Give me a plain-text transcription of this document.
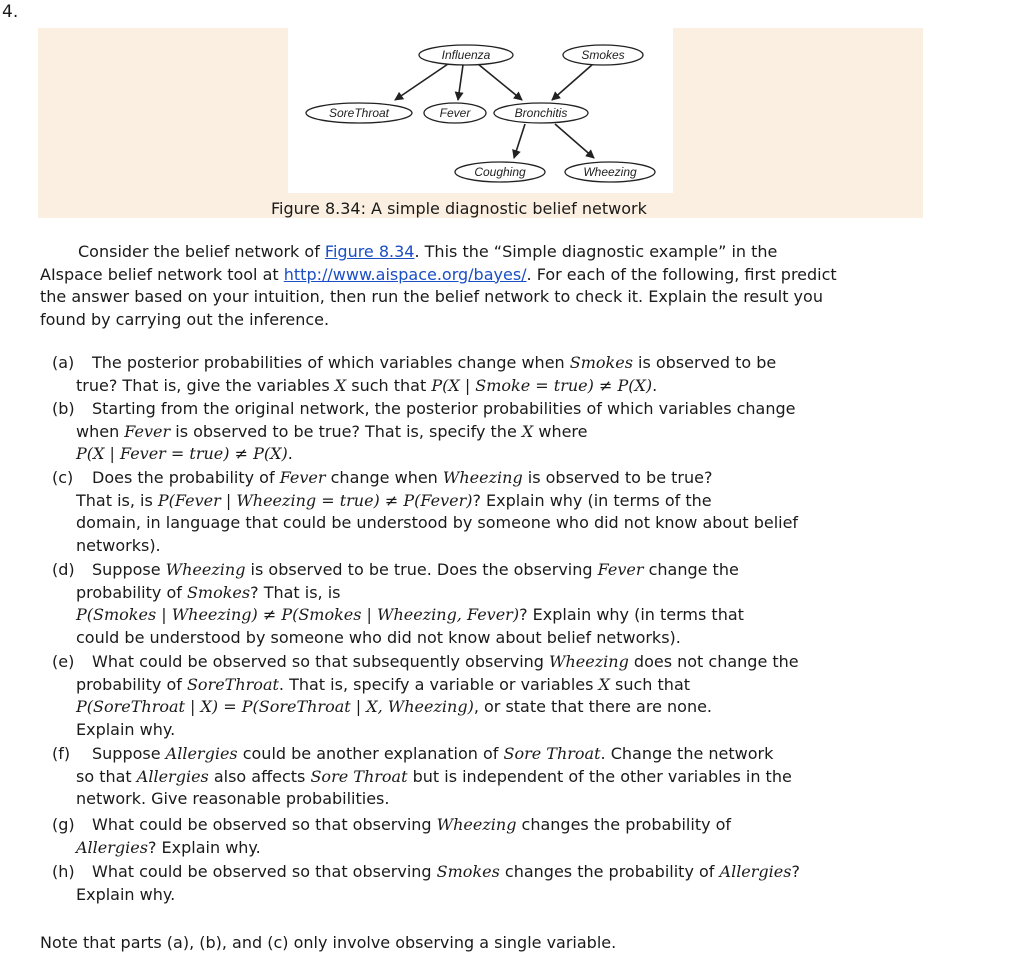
4.
Influenza	Smokes
SoreThroat	Fever	Bronchitis
Coughing	Wheezing
Figure 8.34: A simple diagnostic belief network
Consider the belief network of Figure 8.34. This the “Simple diagnostic example” in the
AIspace belief network tool at http://www.aispace.org/bayes/. For each of the following, first predict
the answer based on your intuition, then run the belief network to check it. Explain the result you
found by carrying out the inference.
(a)	The posterior probabilities of which variables change when Smokes is observed to be
true? That is, give the variables X such that P(X | Smoke = true) ≠ P(X).
(b)	Starting from the original network, the posterior probabilities of which variables change
when Fever is observed to be true? That is, specify the X where
P(X | Fever = true) ≠ P(X).
(c)	Does the probability of Fever change when Wheezing is observed to be true?
That is, is P(Fever | Wheezing = true) ≠ P(Fever)? Explain why (in terms of the
domain, in language that could be understood by someone who did not know about belief
networks).
(d)	Suppose Wheezing is observed to be true. Does the observing Fever change the
probability of Smokes? That is, is
P(Smokes | Wheezing) ≠ P(Smokes | Wheezing, Fever)? Explain why (in terms that
could be understood by someone who did not know about belief networks).
(e)	What could be observed so that subsequently observing Wheezing does not change the
probability of SoreThroat. That is, specify a variable or variables X such that
P(SoreThroat | X) = P(SoreThroat | X, Wheezing), or state that there are none.
Explain why.
(f)	Suppose Allergies could be another explanation of Sore Throat. Change the network
so that Allergies also affects Sore Throat but is independent of the other variables in the
network. Give reasonable probabilities.
(g)	What could be observed so that observing Wheezing changes the probability of
Allergies? Explain why.
(h)	What could be observed so that observing Smokes changes the probability of Allergies?
Explain why.
Note that parts (a), (b), and (c) only involve observing a single variable.
